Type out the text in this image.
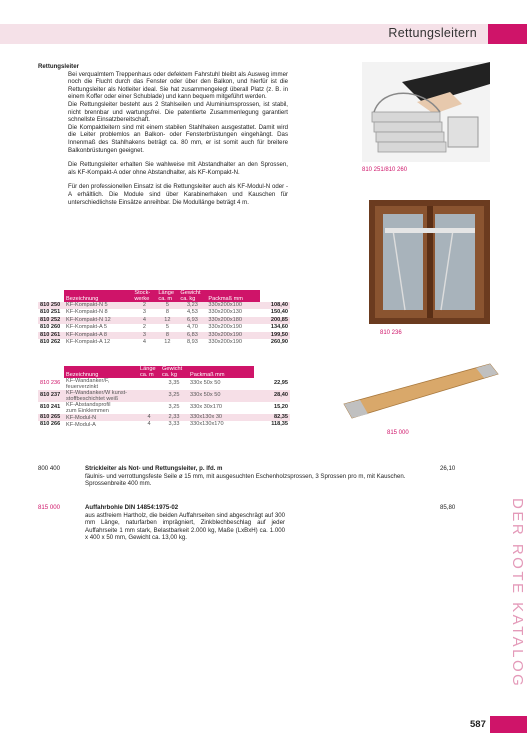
Rettungsleitern
Rettungsleiter

Bei verqualmtem Treppenhaus oder defektem Fahrstuhl bleibt als Ausweg immer noch die Flucht durch das Fenster oder über den Balkon, und hierfür ist die Rettungsleiter als Notleiter ideal. Sie hat zusammengelegt überall Platz (z. B. in einem Koffer oder einer Schublade) und kann bequem mitgeführt werden.

Die Rettungsleiter besteht aus 2 Stahlseilen und Aluminiumsprossen, ist stabil, nicht brennbar und wartungsfrei. Die patentierte Zusammenlegung garantiert schnellste Einsatzbereitschaft.

Die Kompaktleitern sind mit einem stabilen Stahlhaken ausgestattet. Damit wird die Leiter problemlos an Balkon- oder Fensterbrüstungen eingehängt. Das Innenmaß des Stahlhakens beträgt ca. 80 mm, er ist somit auch für breitere Balkonbrüstungen geeignet.

Die Rettungsleiter erhalten Sie wahlweise mit Abstandhalter an den Sprossen, als KF-Kompakt-A oder ohne Abstandhalter, als KF-Kompakt-N.

Für den professionellen Einsatz ist die Rettungsleiter auch als KF-Modul-N oder -A erhältlich. Die Module sind über Karabinerhaken und Kauschen für unterschiedlichste Einsätze anreihbar. Die Modullänge beträgt 4 m.

	Bezeichnung	Stock-werke	Länge ca. m	Gewicht ca. kg	Packmaß mm	
810 250	KF-Kompakt-N 5	2	5	3,23	330x200x100	108,40
810 251	KF-Kompakt-N 8	3	8	4,53	330x200x130	150,40
810 252	KF-Kompakt-N 12	4	12	6,93	330x200x180	200,85
810 260	KF-Kompakt-A 5	2	5	4,70	330x200x190	134,60
810 261	KF-Kompakt-A 8	3	8	6,83	330x200x190	199,50
810 262	KF-Kompakt-A 12	4	12	8,93	330x200x190	260,90
	Bezeichnung	Länge ca. m	Gewicht ca. kg	Packmaß mm	
810 236	KF-Wandanker/F,
feuerverzinkt		3,35	330x 50x 50	22,95
810 237	KF-Wandanker/W kunst-
stoffbeschichtet weiß		3,25	330x 50x 50	28,40
810 241	KF-Abstandsprofil
zum Einklemmen		3,25	330x 30x170	15,20
810 265	KF-Modul-N	4	2,33	330x130x 30	82,35
810 266	KF-Modul-A	4	3,33	330x130x170	118,35
800 400	Strickleiter als Not- und Rettungsleiter, p. lfd. m
fäulnis- und verrottungsfeste Seile ø 15 mm, mit ausgesuchten Eschenholzsprossen, 3 Sprossen pro m, mit Kauschen. Sprossenbreite 400 mm.
26,10
815 000	Auffahrbohle DIN 14854:1975-02
aus astfreiem Hartholz, die beiden Auffahrseiten sind abgeschrägt auf 300 mm Länge, naturfarben imprägniert, Zinkblechbeschlag auf jeder Auffahrseite 1 mm stark, Belastbarkeit 2.000 kg, Maße (LxBxH) ca. 1.000 x 400 x 50 mm, Gewicht ca. 13,00 kg.
85,80
810 251/810 260
810 236
815 000
DER ROTE KATALOG
587
